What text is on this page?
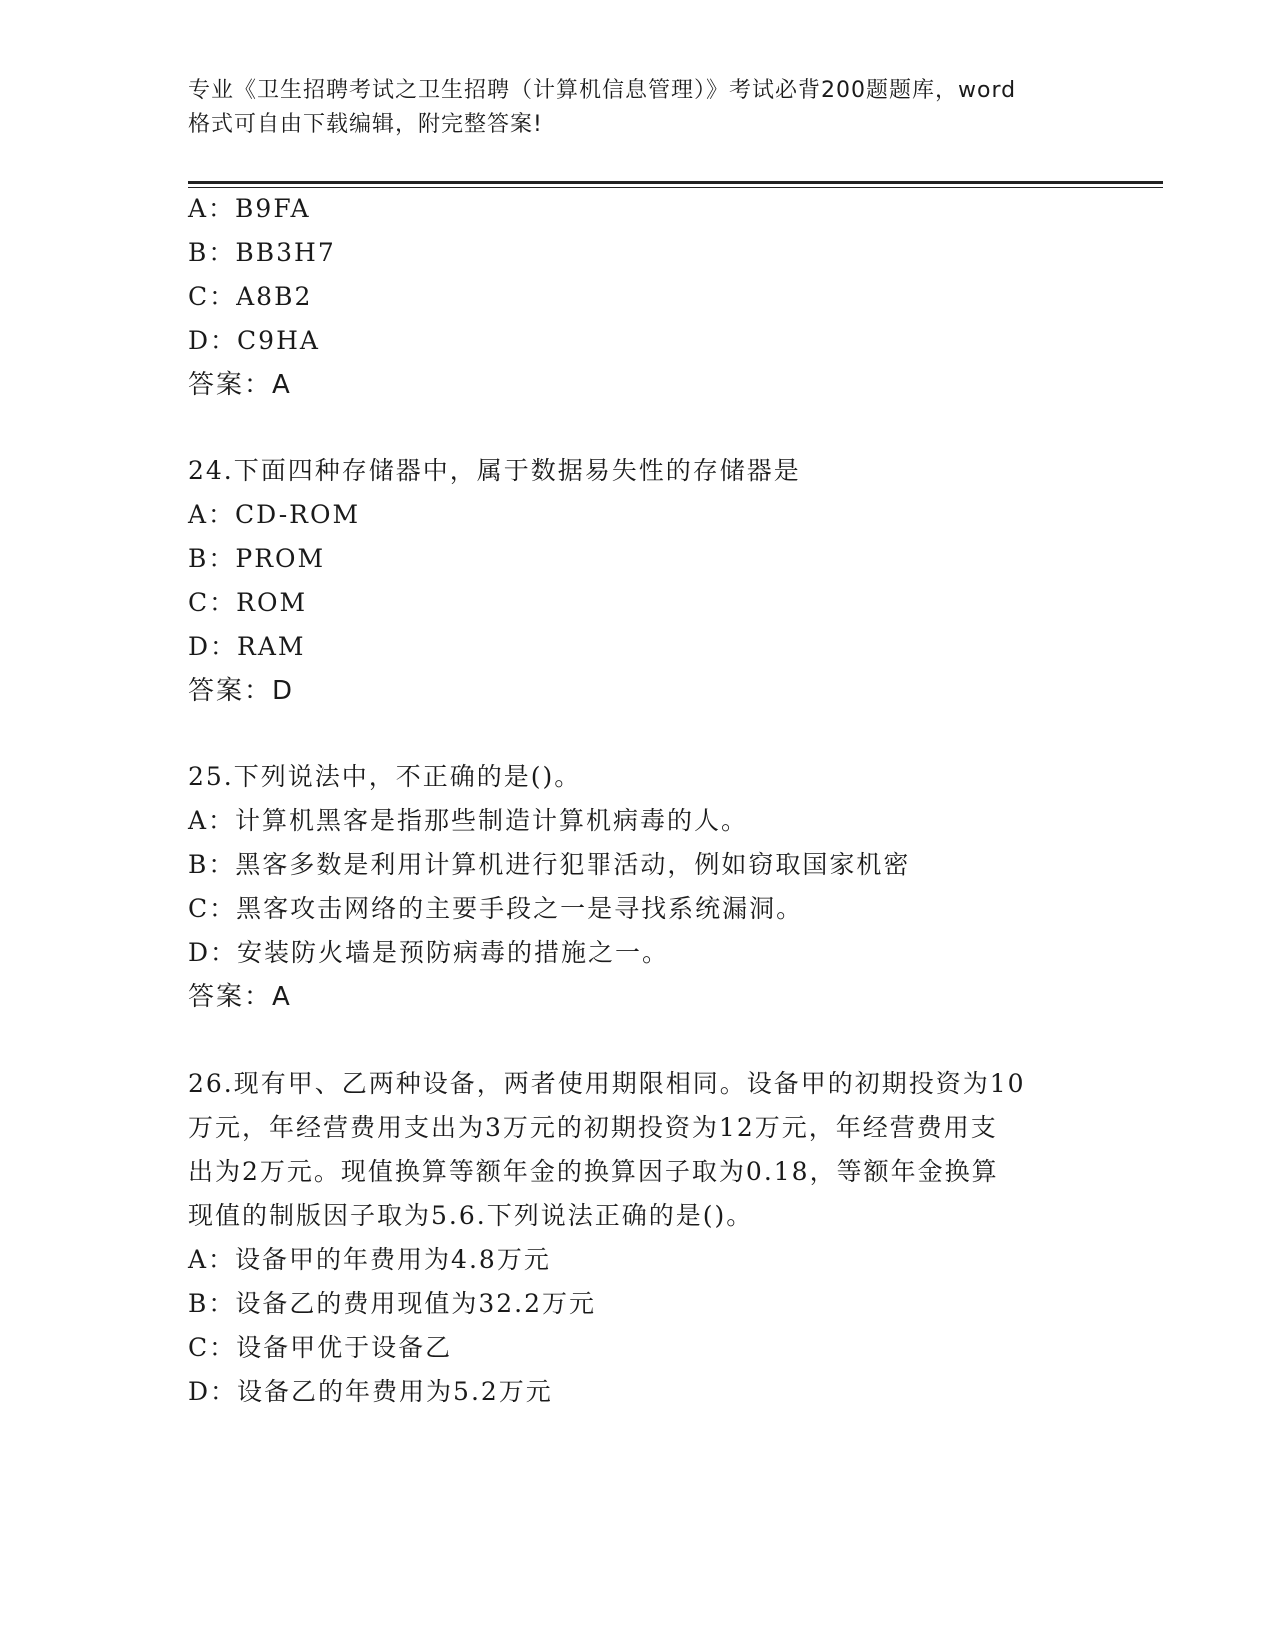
专业《卫生招聘考试之卫生招聘（计算机信息管理）》考试必背200题题库，word
格式可自由下载编辑，附完整答案!
A：B9FA
B：BB3H7
C：A8B2
D：C9HA
答案：A
24.下面四种存储器中，属于数据易失性的存储器是
A：CD-ROM
B：PROM
C：ROM
D：RAM
答案：D
25.下列说法中，不正确的是()。
A：计算机黑客是指那些制造计算机病毒的人。
B：黑客多数是利用计算机进行犯罪活动，例如窃取国家机密
C：黑客攻击网络的主要手段之一是寻找系统漏洞。
D：安装防火墙是预防病毒的措施之一。
答案：A
26.现有甲、乙两种设备，两者使用期限相同。设备甲的初期投资为10
万元，年经营费用支出为3万元的初期投资为12万元，年经营费用支
出为2万元。现值换算等额年金的换算因子取为0.18，等额年金换算
现值的制版因子取为5.6.下列说法正确的是()。
A：设备甲的年费用为4.8万元
B：设备乙的费用现值为32.2万元
C：设备甲优于设备乙
D：设备乙的年费用为5.2万元
